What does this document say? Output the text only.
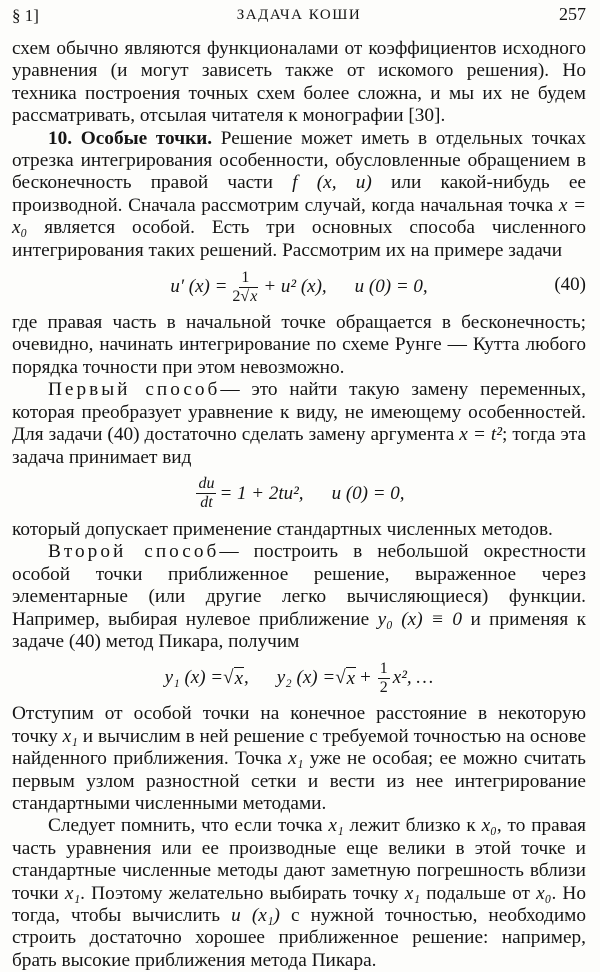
§ 1]	ЗАДАЧА КОШИ	257

схем обычно являются функционалами от коэффициентов исходного уравнения (и могут зависеть также от искомого решения). Но техника построения точных схем более сложна, и мы их не будем рассматривать, отсылая читателя к монографии [30].

10. Особые точки. Решение может иметь в отдельных точках отрезка интегрирования особенности, обусловленные обращением в бесконечность правой части f (x, u) или какой-нибудь ее производной. Сначала рассмотрим случай, когда начальная точка x = x₀ является особой. Есть три основных способа численного интегрирования таких решений. Рассмотрим их на примере задачи

u′ $(x) = \frac{1}{2√x} + u^2$ (x), u (0) = 0,	(40)

где правая часть в начальной точке обращается в бесконечность; очевидно, начинать интегрирование по схеме Рунге — Кутта любого порядка точности при этом невозможно.

Первый способ— это найти такую замену переменных, которая преобразует уравнение к виду, не имеющему особенностей. Для задачи (40) достаточно сделать замену аргумента x = t²; тогда эта задача принимает вид

$\frac{du}{dt} = 1 + 2tu^2$, u (0) = 0,

который допускает применение стандартных численных методов.

Второй способ— построить в небольшой окрестности особой точки приближенное решение, выраженное через элементарные (или другие легко вычисляющиеся) функции. Например, выбирая нулевое приближение y₀ (x) ≡ 0 и применяя к задаче (40) метод Пикара, получим

y₁ (x) = √ x , y₂ (x) = √ $x + \frac{1}{2} x^2$, …

Отступим от особой точки на конечное расстояние в некоторую точку x₁ и вычислим в ней решение с требуемой точностью на основе найденного приближения. Точка x₁ уже не особая; ее можно считать первым узлом разностной сетки и вести из нее интегрирование стандартными численными методами.

Следует помнить, что если точка x₁ лежит близко к x₀, то правая часть уравнения или ее производные еще велики в этой точке и стандартные численные методы дают заметную погрешность вблизи точки x₁. Поэтому желательно выбирать точку x₁ подальше от x₀. Но тогда, чтобы вычислить u (x₁) с нужной точностью, необходимо строить достаточно хорошее приближенное решение: например, брать высокие приближения метода Пикара.
